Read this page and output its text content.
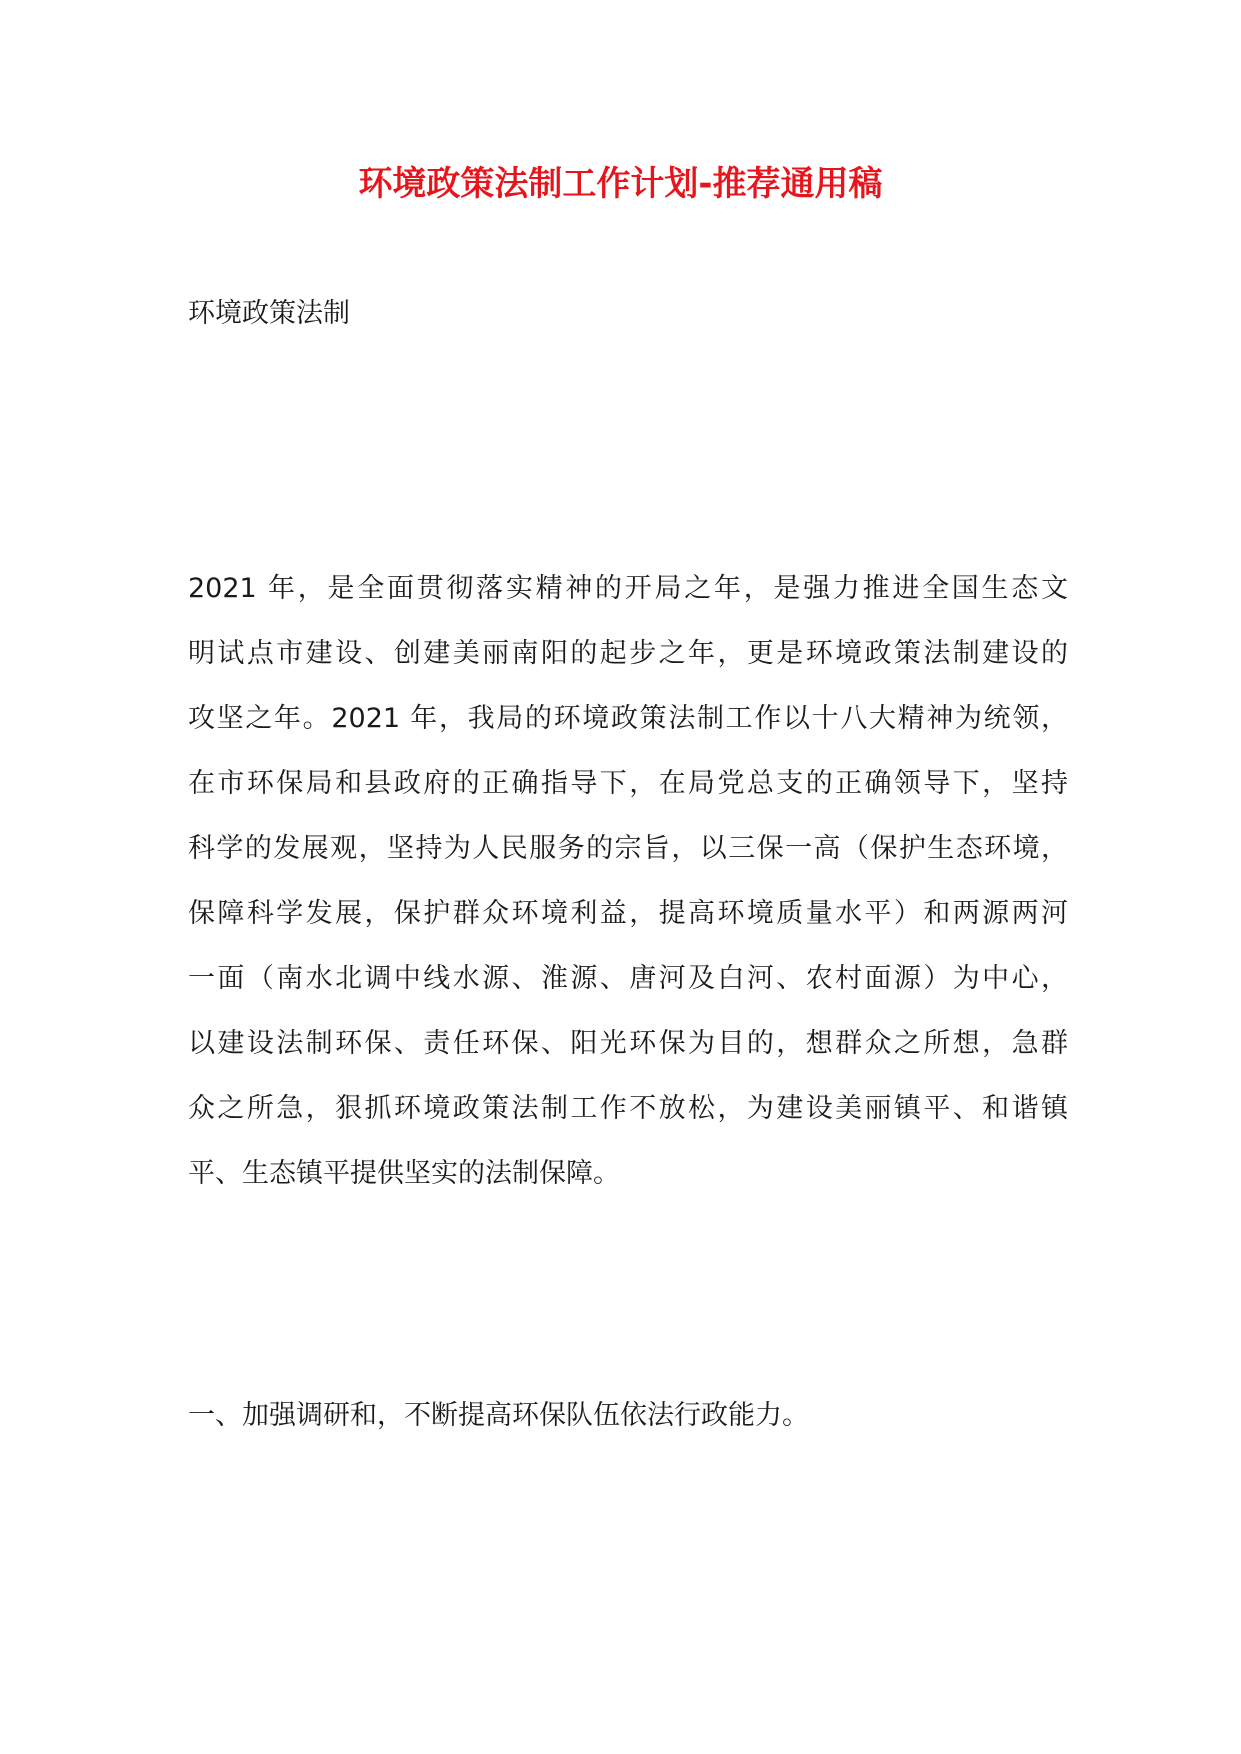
环境政策法制工作计划-推荐通用稿

环境政策法制

2021 年，是全面贯彻落实精神的开局之年，是强力推进全国生态文
明试点市建设、创建美丽南阳的起步之年，更是环境政策法制建设的
攻坚之年。2021 年，我局的环境政策法制工作以十八大精神为统领，
在市环保局和县政府的正确指导下，在局党总支的正确领导下，坚持
科学的发展观，坚持为人民服务的宗旨，以三保一高（保护生态环境，
保障科学发展，保护群众环境利益，提高环境质量水平）和两源两河
一面（南水北调中线水源、淮源、唐河及白河、农村面源）为中心，
以建设法制环保、责任环保、阳光环保为目的，想群众之所想，急群
众之所急，狠抓环境政策法制工作不放松，为建设美丽镇平、和谐镇
平、生态镇平提供坚实的法制保障。

一、加强调研和，不断提高环保队伍依法行政能力。
